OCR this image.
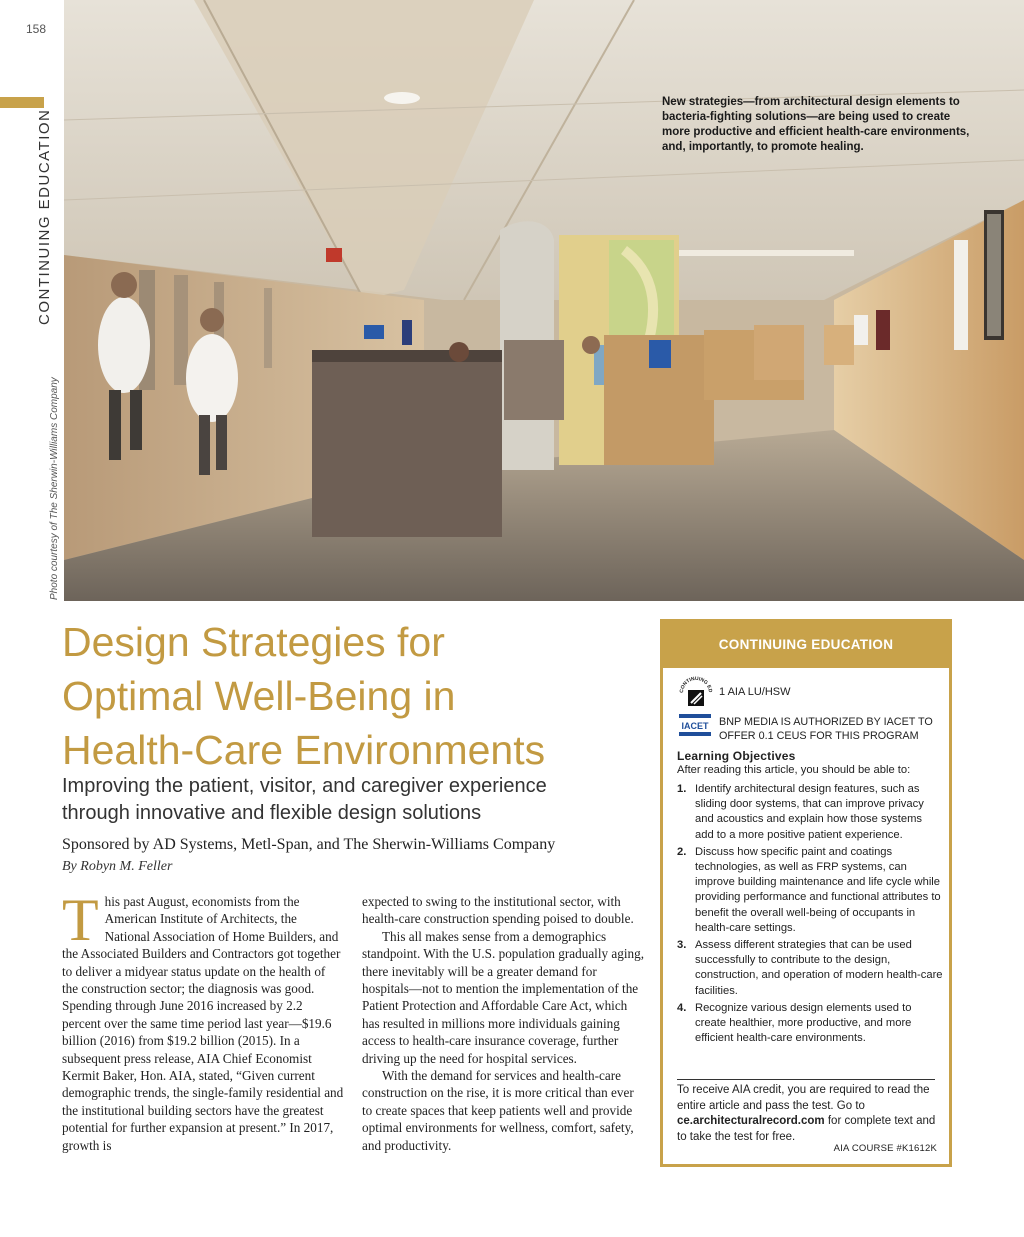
158
CONTINUING EDUCATION
Photo courtesy of The Sherwin-Williams Company
New strategies—from architectural design elements to bacteria-fighting solutions—are being used to create more productive and efficient health-care environments, and, importantly, to promote healing.
Design Strategies for
Optimal Well-Being in
Health-Care Environments
Improving the patient, visitor, and caregiver experience
through innovative and flexible design solutions
Sponsored by AD Systems, Metl-Span, and The Sherwin-Williams Company
By Robyn M. Feller
T his past August, economists from the American Institute of Architects, the National Association of Home Builders, and the Associated Builders and Contractors got together to deliver a midyear status update on the health of the construction sector; the diagnosis was good. Spending through June 2016 increased by 2.2 percent over the same time period last year—$19.6 billion (2016) from $19.2 billion (2015). In a subsequent press release, AIA Chief Economist Kermit Baker, Hon. AIA, stated, “Given current demographic trends, the single-family residential and the institutional building sectors have the greatest potential for further expansion at present.” In 2017, growth is

expected to swing to the institutional sector, with health-care construction spending poised to double.

This all makes sense from a demographics standpoint. With the U.S. population gradually aging, there inevitably will be a greater demand for hospitals—not to mention the implementation of the Patient Protection and Affordable Care Act, which has resulted in millions more individuals gaining access to health-care insurance coverage, further driving up the need for hospital services.

With the demand for services and health-care construction on the rise, it is more critical than ever to create spaces that keep patients well and provide optimal environments for wellness, comfort, safety, and productivity.

CONTINUING EDUCATION
CONTINUING ED 1 AIA LU/HSW
IACET BNP MEDIA IS AUTHORIZED BY IACET TO OFFER 0.1 CEUS FOR THIS PROGRAM
Learning Objectives
After reading this article, you should be able to:
1. Identify architectural design features, such as sliding door systems, that can improve privacy and acoustics and explain how those systems add to a more positive patient experience.
2. Discuss how specific paint and coatings technologies, as well as FRP systems, can improve building maintenance and life cycle while providing performance and functional attributes to benefit the overall well-being of occupants in health-care settings.
3. Assess different strategies that can be used successfully to contribute to the design, construction, and operation of modern health-care facilities.
4. Recognize various design elements used to create healthier, more productive, and more efficient health-care environments.
To receive AIA credit, you are required to read the entire article and pass the test. Go to ce.architecturalrecord.com for complete text and to take the test for free.
AIA COURSE #K1612K
